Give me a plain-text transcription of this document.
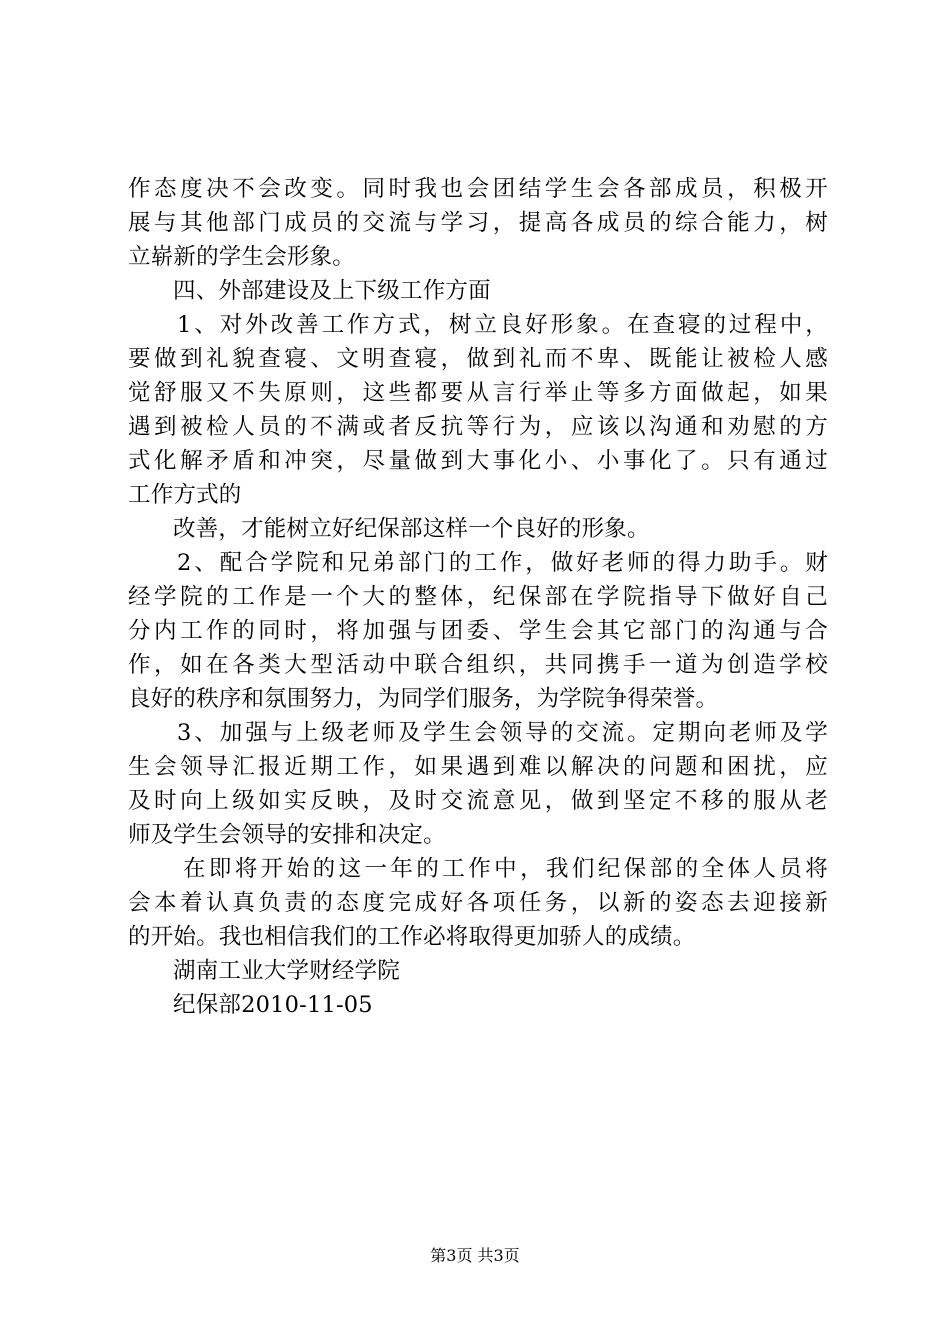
作态度决不会改变。同时我也会团结学生会各部成员，积极开
展与其他部门成员的交流与学习，提高各成员的综合能力，树
立崭新的学生会形象。
四、外部建设及上下级工作方面
1、对外改善工作方式，树立良好形象。在查寝的过程中，
要做到礼貌查寝、文明查寝，做到礼而不卑、既能让被检人感
觉舒服又不失原则，这些都要从言行举止等多方面做起，如果
遇到被检人员的不满或者反抗等行为，应该以沟通和劝慰的方
式化解矛盾和冲突，尽量做到大事化小、小事化了。只有通过
工作方式的
改善，才能树立好纪保部这样一个良好的形象。
2、配合学院和兄弟部门的工作，做好老师的得力助手。财
经学院的工作是一个大的整体，纪保部在学院指导下做好自己
分内工作的同时，将加强与团委、学生会其它部门的沟通与合
作，如在各类大型活动中联合组织，共同携手一道为创造学校
良好的秩序和氛围努力，为同学们服务，为学院争得荣誉。
3、加强与上级老师及学生会领导的交流。定期向老师及学
生会领导汇报近期工作，如果遇到难以解决的问题和困扰，应
及时向上级如实反映，及时交流意见，做到坚定不移的服从老
师及学生会领导的安排和决定。
在即将开始的这一年的工作中，我们纪保部的全体人员将
会本着认真负责的态度完成好各项任务，以新的姿态去迎接新
的开始。我也相信我们的工作必将取得更加骄人的成绩。
湖南工业大学财经学院
纪保部2010-11-05
第3页 共3页
